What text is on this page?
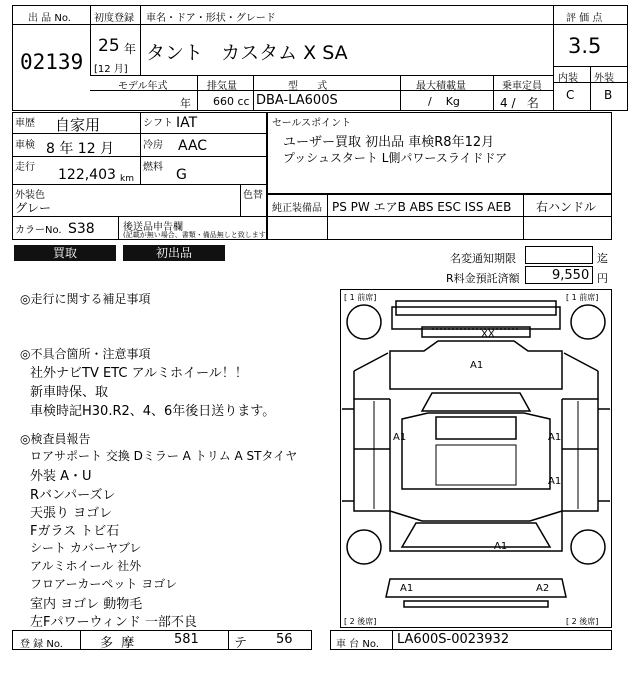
出 品 No.
02139
初度登録
25 年
[12 月]
車名・ドア・形状・グレード
タント   カスタム X SA
評 価 点
3.5
内装 外装
C B
モデル年式
年
排気量
660 cc
型      式
DBA-LA600S
最大積載量
/    Kg
乗車定員
4 /   名
車歴 自家用
車検 8 年 12 月
走行 122,403 km
シフト IAT
冷房 AAC
燃料 G
外装色
グレー
色替
カラーNo. S38	後送品申告欄
(記載が無い場合、書類・備品無しと致します)
セールスポイント
ユーザー買取 初出品 車検R8年12月
プッシュスタート L側パワースライドドア
純正装備品 PS PW エアB ABS ESC ISS AEB 右ハンドル
買取	初出品	名変通知期限	迄
R料金預託済額 9,550 円
◎走行に関する補足事項
◎不具合箇所・注意事項
社外ナビTV ETC アルミホイール！！
新車時保、取
車検時記H30.R2、4、6年後日送ります。
◎検査員報告
ロアサポート 交換 Dミラー A トリム A STタイヤ
外装 A・U
Rバンパーズレ
天張り ヨゴレ
Fガラス トビ石
シート カバーヤブレ
アルミホイール 社外
フロアーカーペット ヨゴレ
室内 ヨゴレ 動物毛
左Fパワーウィンド 一部不良
[ 1 前席]	[ 1 前席]
[ 2 後席]	[ 2 後席]
XX
A1
A1	A1
A1
A1
A1	A2
登 録 No.	多  摩	581	テ 56	車 台 No. LA600S-0023932
